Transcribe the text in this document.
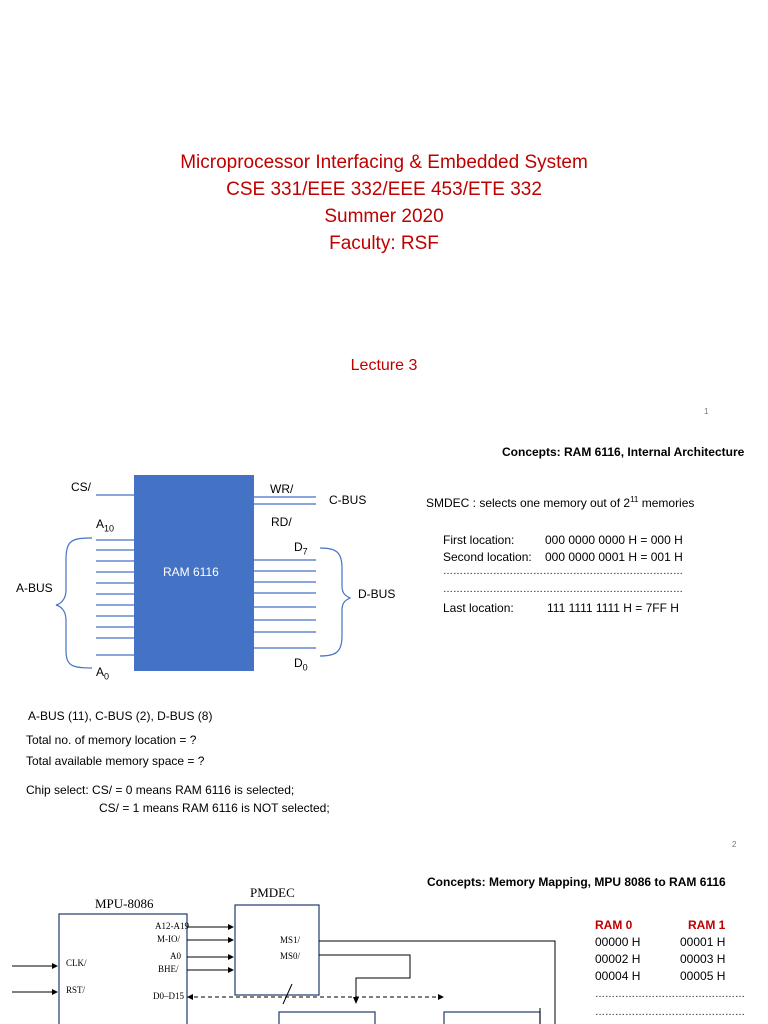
Microprocessor Interfacing & Embedded System
CSE 331/EEE 332/EEE 453/ETE 332
Summer 2020
Faculty: RSF
Lecture 3
1
Concepts: RAM 6116, Internal Architecture
CS/	WR/
C-BUS
RD/
RAM 6116
A-BUS	D-BUS
$A_{10}$
$A_0$
$D_7$
$D_0$
SMDEC : selects one memory out of $2^{11}$ memories
First location:	000 0000 0000 H = 000 H
Second location: 000 0000 0001 H = 001 H
………………………………………………………………
………………………………………………………………
Last location:	111 1111 1111 H = 7FF H
A-BUS (11), C-BUS (2), D-BUS (8)
Total no. of memory location = ?
Total available memory space = ?
Chip select: CS/ = 0 means RAM 6116 is selected;
CS/ = 1 means RAM 6116 is NOT selected;
2
Concepts: Memory Mapping, MPU 8086 to RAM 6116
MPU-8086
PMDEC
A12-A19
M-IO/
A0
BHE/
D0–D15
CLK/
RST/
MS1/
MS0/
RAM 0	RAM 1
00000 H	00001 H
00002 H	00003 H
00004 H	00005 H
………………………………………
………………………………………
